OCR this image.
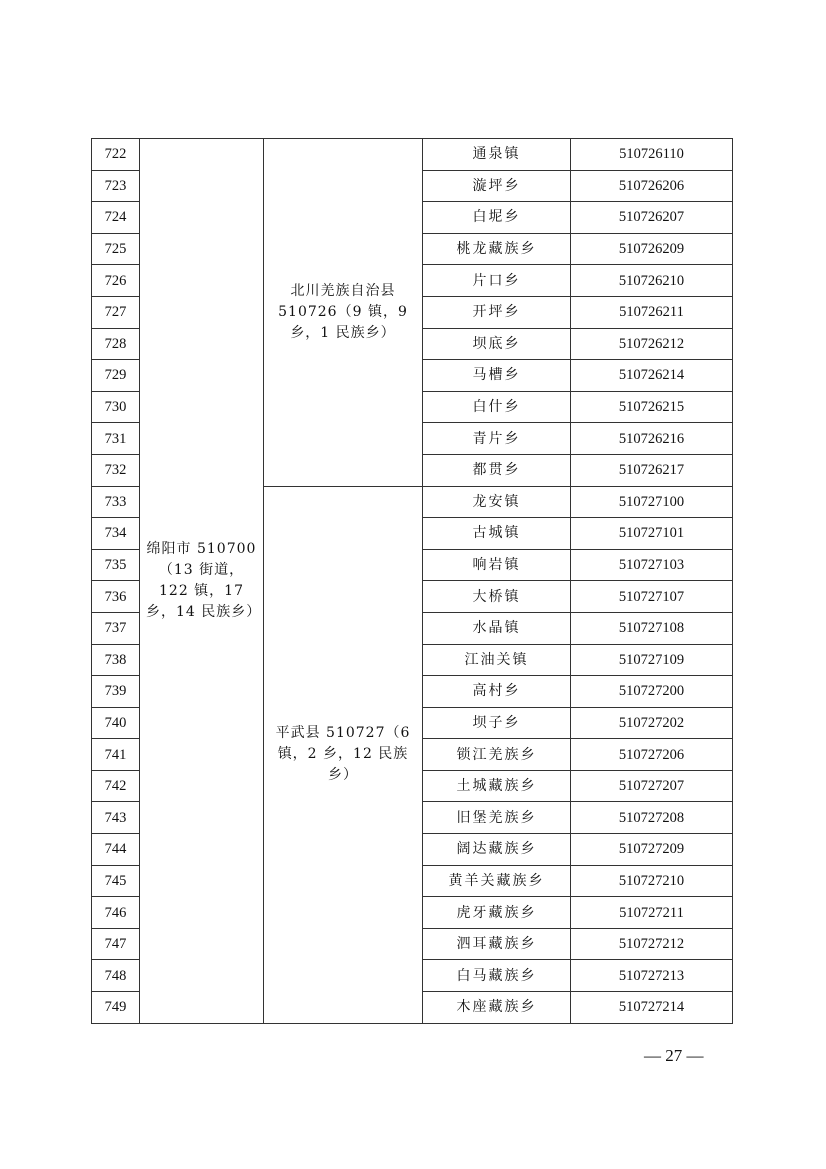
722	绵阳市 510700（13 街道，122 镇，17 乡，14 民族乡）	北川羌族自治县 510726（9 镇，9 乡，1 民族乡）	通泉镇	510726110
723			漩坪乡	510726206
724			白坭乡	510726207
725			桃龙藏族乡	510726209
726			片口乡	510726210
727			开坪乡	510726211
728			坝底乡	510726212
729			马槽乡	510726214
730			白什乡	510726215
731			青片乡	510726216
732			都贯乡	510726217
733		平武县 510727（6 镇，2 乡，12 民族乡）	龙安镇	510727100
734			古城镇	510727101
735			响岩镇	510727103
736			大桥镇	510727107
737			水晶镇	510727108
738			江油关镇	510727109
739			高村乡	510727200
740			坝子乡	510727202
741			锁江羌族乡	510727206
742			土城藏族乡	510727207
743			旧堡羌族乡	510727208
744			阔达藏族乡	510727209
745			黄羊关藏族乡	510727210
746			虎牙藏族乡	510727211
747			泗耳藏族乡	510727212
748			白马藏族乡	510727213
749			木座藏族乡	510727214
— 27 —
